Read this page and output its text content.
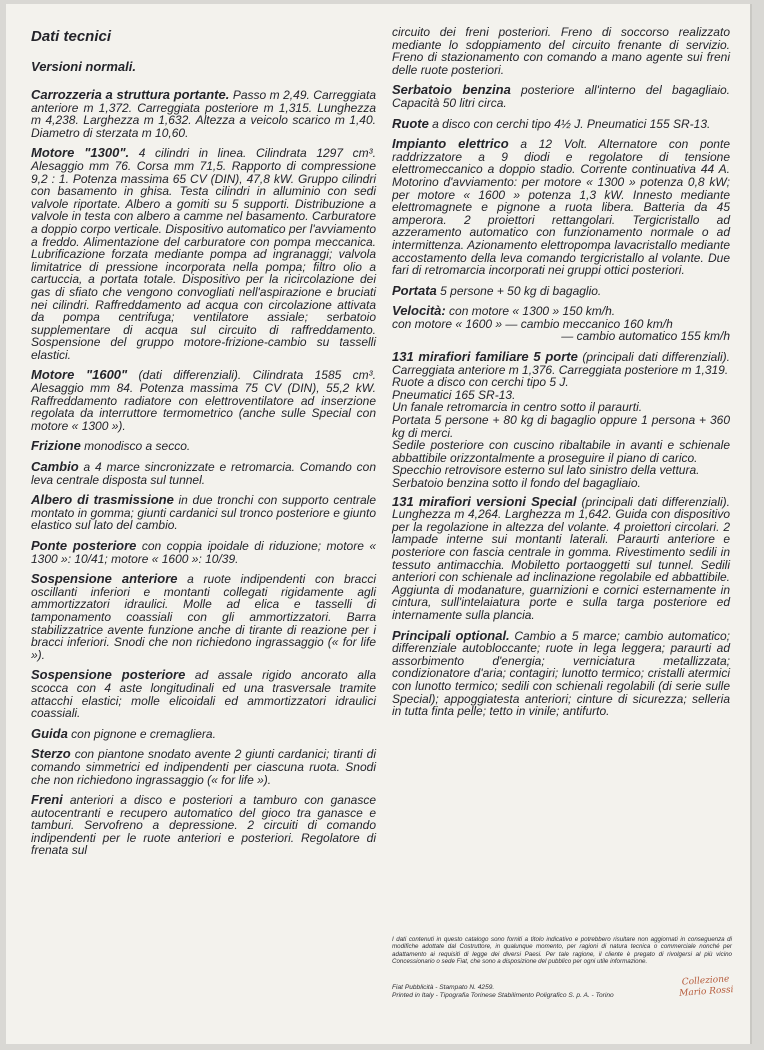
Dati tecnici
Versioni normali.

Carrozzeria a struttura portante. Passo m 2,49. Carreggiata anteriore m 1,372. Carreggiata posteriore m 1,315. Lunghezza m 4,238. Larghezza m 1,632. Altezza a veicolo scarico m 1,40. Diametro di sterzata m 10,60.

Motore "1300". 4 cilindri in linea. Cilindrata 1297 cm³. Alesaggio mm 76. Corsa mm 71,5. Rapporto di compressione 9,2 : 1. Potenza massima 65 CV (DIN), 47,8 kW. Gruppo cilindri con basamento in ghisa. Testa cilindri in alluminio con sedi valvole riportate. Albero a gomiti su 5 supporti. Distribuzione a valvole in testa con albero a camme nel basamento. Carburatore a doppio corpo verticale. Dispositivo automatico per l'avviamento a freddo. Alimentazione del carburatore con pompa meccanica. Lubrificazione forzata mediante pompa ad ingranaggi; valvola limitatrice di pressione incorporata nella pompa; filtro olio a cartuccia, a portata totale. Dispositivo per la ricircolazione dei gas di sfiato che vengono convogliati nell'aspirazione e bruciati nei cilindri. Raffreddamento ad acqua con circolazione attivata da pompa centrifuga; ventilatore assiale; serbatoio supplementare di acqua sul circuito di raffreddamento. Sospensione del gruppo motore-frizione-cambio su tasselli elastici.

Motore "1600" (dati differenziali). Cilindrata 1585 cm³. Alesaggio mm 84. Potenza massima 75 CV (DIN), 55,2 kW. Raffreddamento radiatore con elettroventilatore ad inserzione regolata da interruttore termometrico (anche sulle Special con motore « 1300 »).

Frizione monodisco a secco.

Cambio a 4 marce sincronizzate e retromarcia. Comando con leva centrale disposta sul tunnel.

Albero di trasmissione in due tronchi con supporto centrale montato in gomma; giunti cardanici sul tronco posteriore e giunto elastico sul lato del cambio.

Ponte posteriore con coppia ipoidale di riduzione; motore « 1300 »: 10/41; motore « 1600 »: 10/39.

Sospensione anteriore a ruote indipendenti con bracci oscillanti inferiori e montanti collegati rigidamente agli ammortizzatori idraulici. Molle ad elica e tasselli di tamponamento coassiali con gli ammortizzatori. Barra stabilizzatrice avente funzione anche di tirante di reazione per i bracci inferiori. Snodi che non richiedono ingrassaggio (« for life »).

Sospensione posteriore ad assale rigido ancorato alla scocca con 4 aste longitudinali ed una trasversale tramite attacchi elastici; molle elicoidali ed ammortizzatori idraulici coassiali.

Guida con pignone e cremagliera.

Sterzo con piantone snodato avente 2 giunti cardanici; tiranti di comando simmetrici ed indipendenti per ciascuna ruota. Snodi che non richiedono ingrassaggio (« for life »).

Freni anteriori a disco e posteriori a tamburo con ganasce autocentranti e recupero automatico del gioco tra ganasce e tamburi. Servofreno a depressione. 2 circuiti di comando indipendenti per le ruote anteriori e posteriori. Regolatore di frenata sul

circuito dei freni posteriori. Freno di soccorso realizzato mediante lo sdoppiamento del circuito frenante di servizio. Freno di stazionamento con comando a mano agente sui freni delle ruote posteriori.

Serbatoio benzina posteriore all'interno del bagagliaio. Capacità 50 litri circa.

Ruote a disco con cerchi tipo 4½ J. Pneumatici 155 SR-13.

Impianto elettrico a 12 Volt. Alternatore con ponte raddrizzatore a 9 diodi e regolatore di tensione elettromeccanico a doppio stadio. Corrente continuativa 44 A. Motorino d'avviamento: per motore « 1300 » potenza 0,8 kW; per motore « 1600 » potenza 1,3 kW. Innesto mediante elettromagnete e pignone a ruota libera. Batteria da 45 amperora. 2 proiettori rettangolari. Tergicristallo ad azzeramento automatico con funzionamento normale o ad intermittenza. Azionamento elettropompa lavacristallo mediante accostamento della leva comando tergicristallo al volante. Due fari di retromarcia incorporati nei gruppi ottici posteriori.

Portata 5 persone + 50 kg di bagaglio.

Velocità: con motore « 1300 » 150 km/h.
con motore « 1600 » — cambio meccanico 160 km/h
— cambio automatico 155 km/h

131 mirafiori familiare 5 porte (principali dati differenziali). Carreggiata anteriore m 1,376. Carreggiata posteriore m 1,319.
Ruote a disco con cerchi tipo 5 J.
Pneumatici 165 SR-13.
Un fanale retromarcia in centro sotto il paraurti.
Portata 5 persone + 80 kg di bagaglio oppure 1 persona + 360 kg di merci.
Sedile posteriore con cuscino ribaltabile in avanti e schienale abbattibile orizzontalmente a proseguire il piano di carico.
Specchio retrovisore esterno sul lato sinistro della vettura.
Serbatoio benzina sotto il fondo del bagagliaio.

131 mirafiori versioni Special (principali dati differenziali). Lunghezza m 4,264. Larghezza m 1,642. Guida con dispositivo per la regolazione in altezza del volante. 4 proiettori circolari. 2 lampade interne sui montanti laterali. Paraurti anteriore e posteriore con fascia centrale in gomma. Rivestimento sedili in tessuto antimacchia. Mobiletto portaoggetti sul tunnel. Sedili anteriori con schienale ad inclinazione regolabile ed abbattibile. Aggiunta di modanature, guarnizioni e cornici esternamente in cintura, sull'intelaiatura porte e sulla targa posteriore ed internamente sulla plancia.

Principali optional. Cambio a 5 marce; cambio automatico; differenziale autobloccante; ruote in lega leggera; paraurti ad assorbimento d'energia; verniciatura metallizzata; condizionatore d'aria; contagiri; lunotto termico; cristalli atermici con lunotto termico; sedili con schienali regolabili (di serie sulle Special); appoggiatesta anteriori; cinture di sicurezza; selleria in tutta finta pelle; tetto in vinile; antifurto.

I dati contenuti in questo catalogo sono forniti a titolo indicativo e potrebbero risultare non aggiornati in conseguenza di modifiche adottate dal Costruttore, in qualunque momento, per ragioni di natura tecnica o commerciale nonché per adattamento ai requisiti di legge dei diversi Paesi. Per tale ragione, il cliente è pregato di rivolgersi al più vicino Concessionario o sede Fiat, che sono a disposizione del pubblico per ogni utile informazione.
Fiat Pubblicità - Stampato N. 4259.
Printed in Italy - Tipografia Torinese Stabilimento Poligrafico S. p. A. - Torino
Collezione
Mario Rossi
